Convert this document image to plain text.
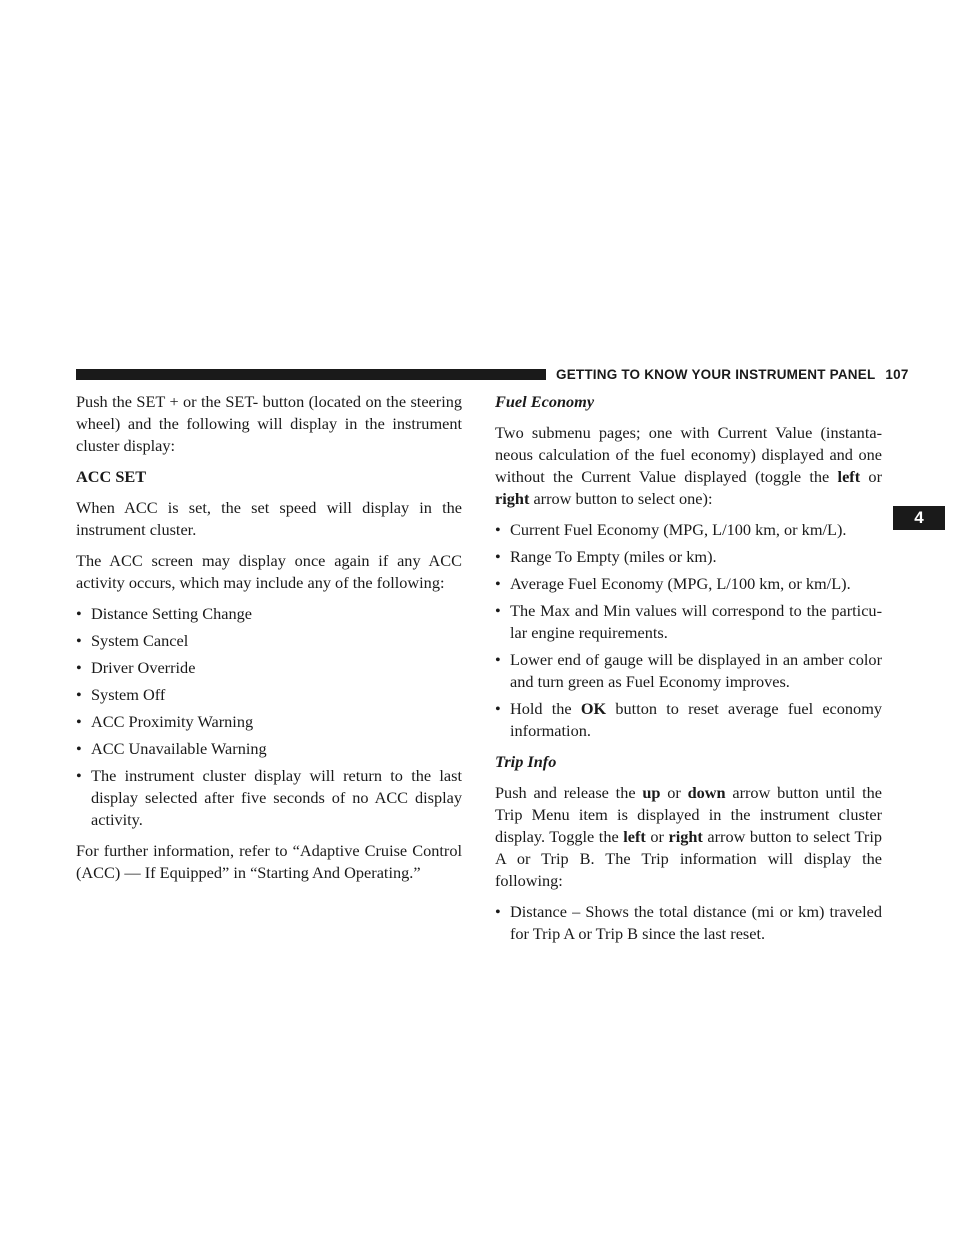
GETTING TO KNOW YOUR INSTRUMENT PANEL 107
4

Push the SET + or the SET- button (located on the steering wheel) and the following will display in the instrument cluster display:

ACC SET

When ACC is set, the set speed will display in the instrument cluster.

The ACC screen may display once again if any ACC activity occurs, which may include any of the following:

• Distance Setting Change
• System Cancel
• Driver Override
• System Off
• ACC Proximity Warning
• ACC Unavailable Warning
• The instrument cluster display will return to the last display selected after five seconds of no ACC display activity.

For further information, refer to “Adaptive Cruise Control (ACC) — If Equipped” in “Starting And Operating.”

Fuel Economy

Two submenu pages; one with Current Value (instanta- neous calculation of the fuel economy) displayed and one without the Current Value displayed (toggle the left or right arrow button to select one):

• Current Fuel Economy (MPG, L/100 km, or km/L).
• Range To Empty (miles or km).
• Average Fuel Economy (MPG, L/100 km, or km/L).
• The Max and Min values will correspond to the particu- lar engine requirements.
• Lower end of gauge will be displayed in an amber color and turn green as Fuel Economy improves.
• Hold the OK button to reset average fuel economy information.
Trip Info

Push and release the up or down arrow button until the Trip Menu item is displayed in the instrument cluster display. Toggle the left or right arrow button to select Trip A or Trip B. The Trip information will display the following:

• Distance – Shows the total distance (mi or km) traveled for Trip A or Trip B since the last reset.
